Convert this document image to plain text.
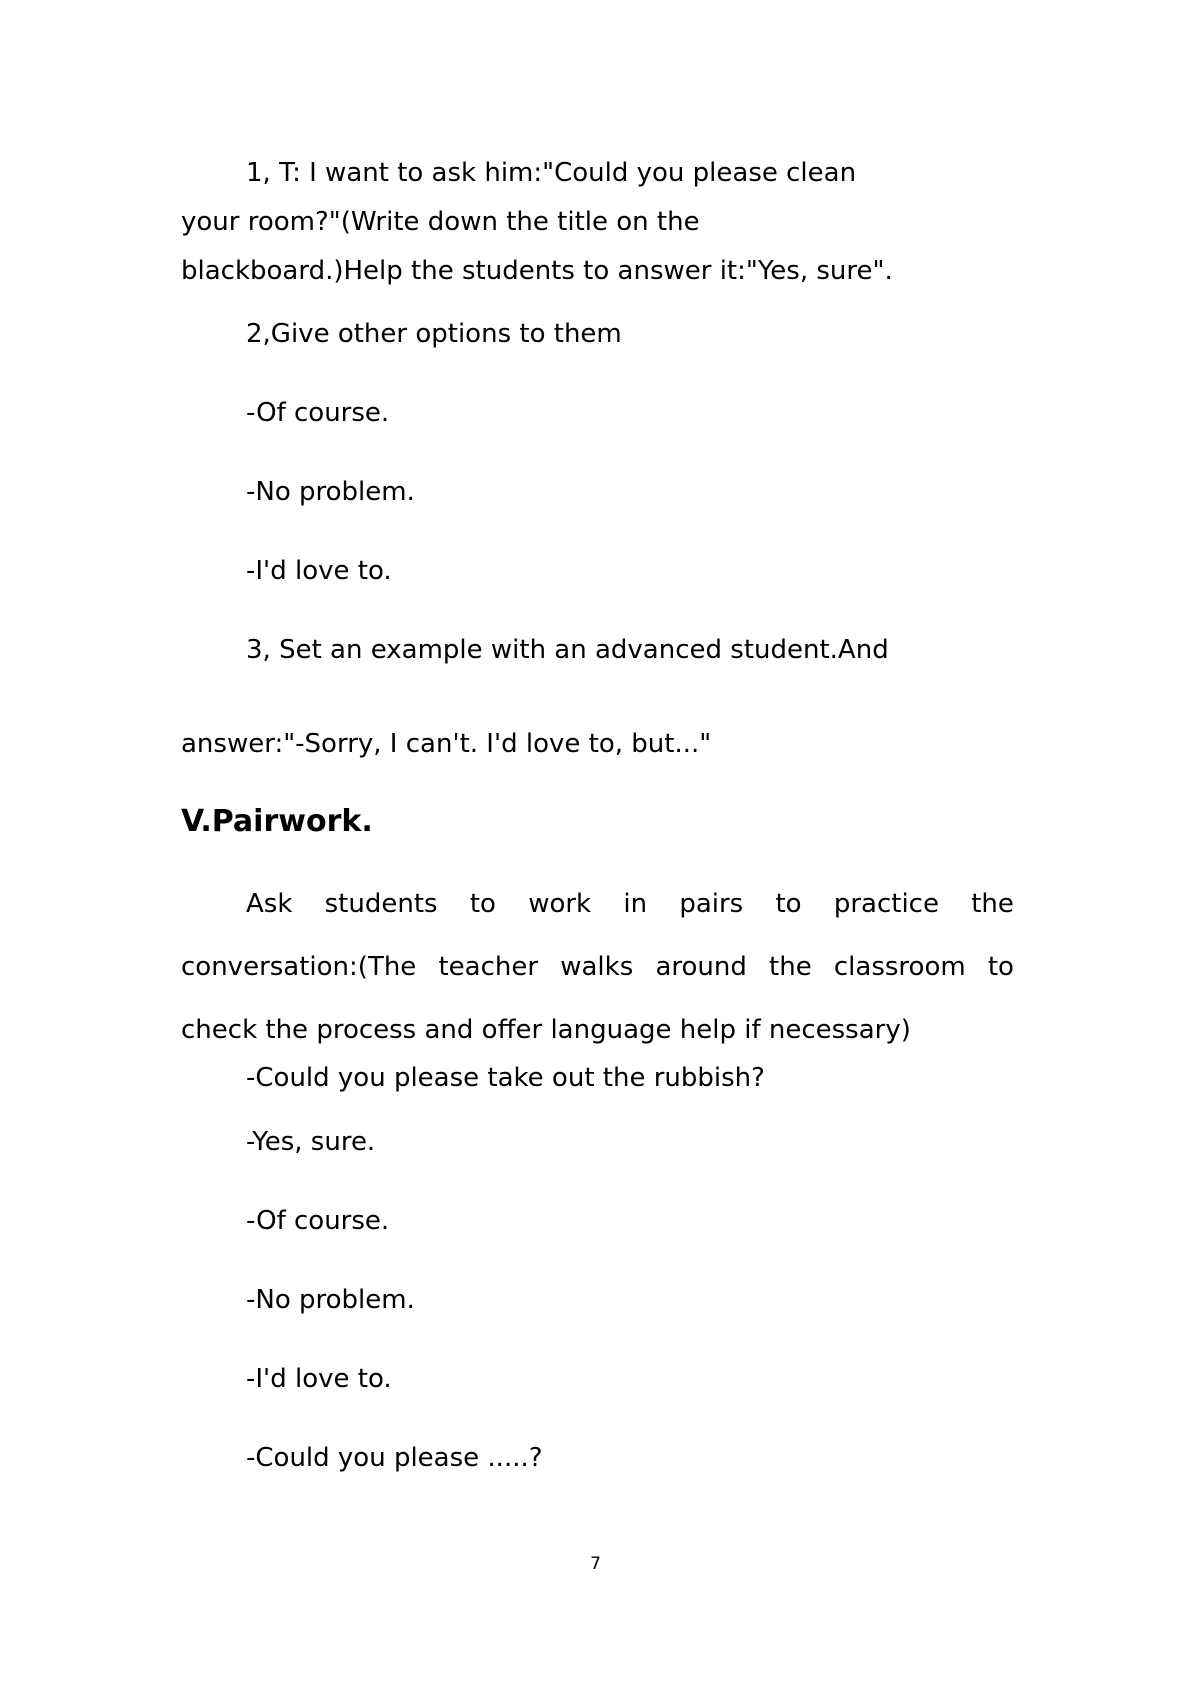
1, T: I want to ask him:"Could you please clean

your room?"(Write down the title on the

blackboard.)Help the students to answer it:"Yes, sure".

2,Give other options to them

-Of course.

-No problem.

-I'd love to.

3, Set an example with an advanced student.And

answer:"-Sorry, I can't. I'd love to, but..."

V.Pairwork.
Ask students to work in pairs to practice the
conversation:(The teacher walks around the classroom to

check the process and offer language help if necessary)

-Could you please take out the rubbish?

-Yes, sure.

-Of course.

-No problem.

-I'd love to.

-Could you please .....?

7
